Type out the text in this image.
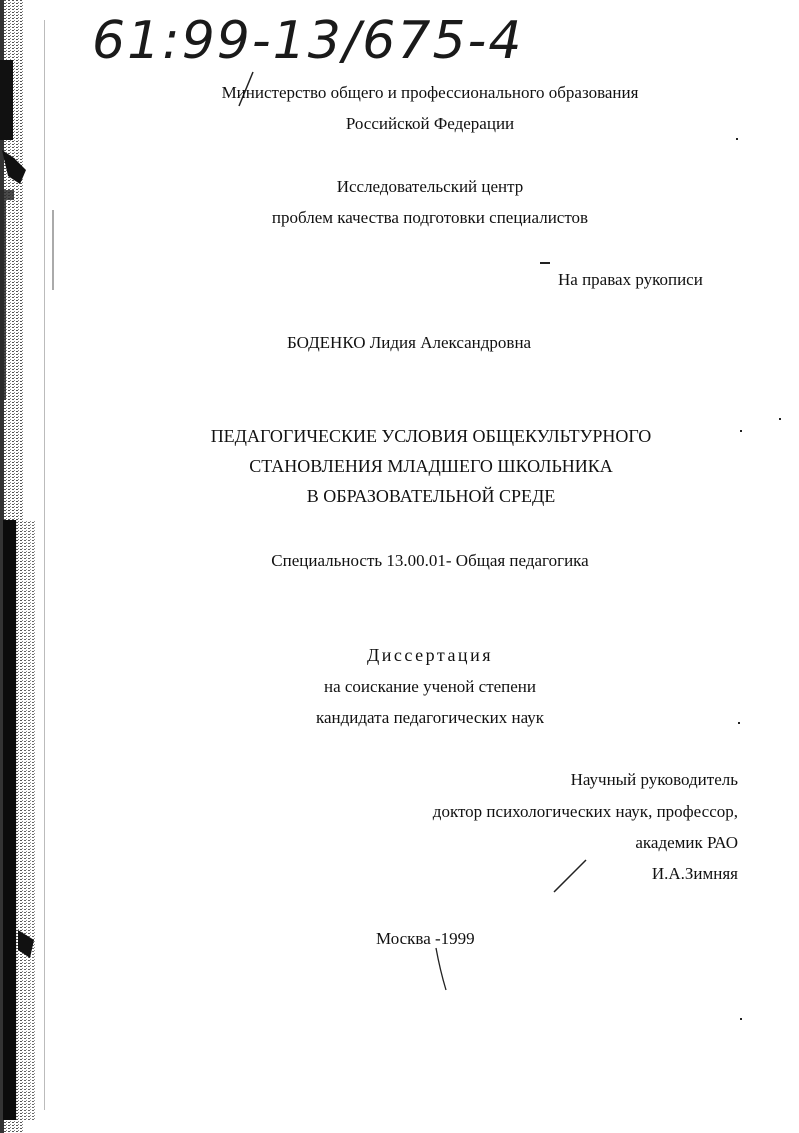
61:99-13/675-4
Министерство общего и профессионального образования
Российской Федерации
Исследовательский центр
проблем качества подготовки специалистов
На правах рукописи
БОДЕНКО Лидия Александровна
ПЕДАГОГИЧЕСКИЕ УСЛОВИЯ ОБЩЕКУЛЬТУРНОГО
СТАНОВЛЕНИЯ МЛАДШЕГО ШКОЛЬНИКА
В ОБРАЗОВАТЕЛЬНОЙ СРЕДЕ
Специальность 13.00.01- Общая педагогика
Диссертация
на соискание ученой степени
кандидата педагогических наук
Научный руководитель
доктор психологических наук, профессор,
академик РАО
И.А.Зимняя
Москва -1999
